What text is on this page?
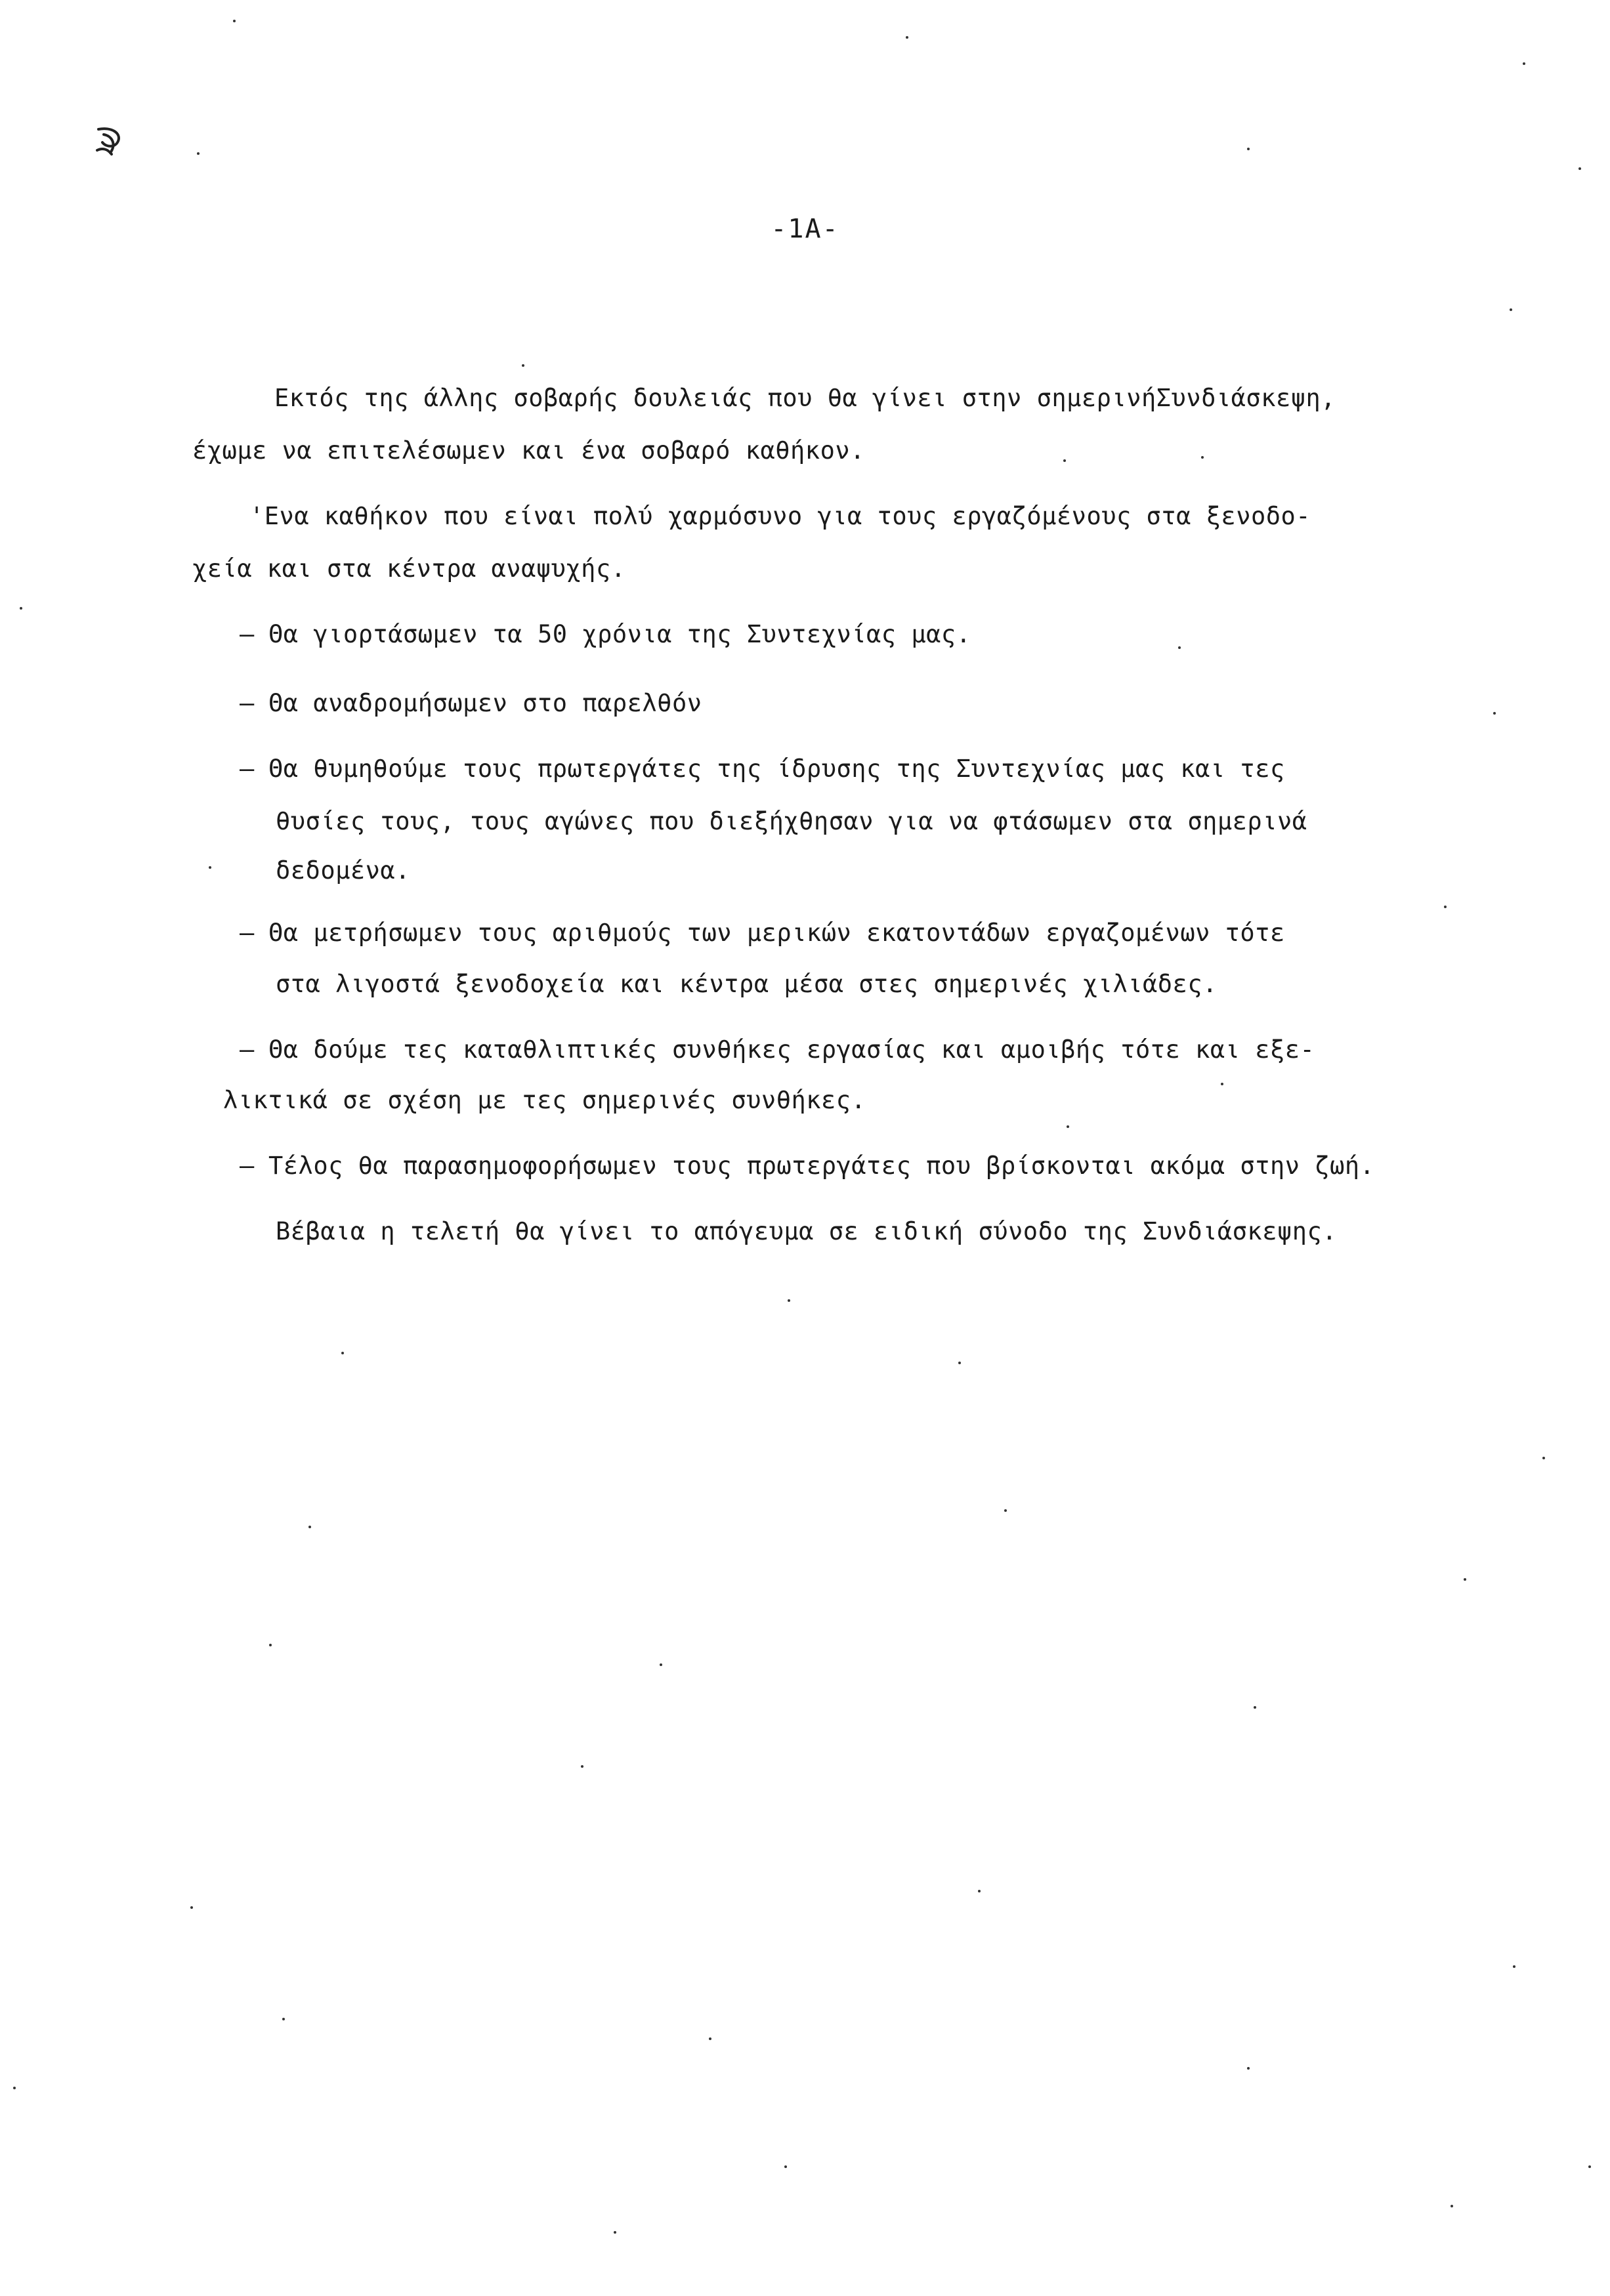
-1A-
Εκτός της άλλης σοβαρής δουλειάς που θα γίνει στην σημερινήΣυνδιάσκεψη,
έχωμε να επιτελέσωμεν και ένα σοβαρό καθήκον.
'Ενα καθήκον που είναι πολύ χαρμόσυνο για τους εργαζόμένους στα ξενοδο-
χεία και στα κέντρα αναψυχής.
– Θα γιορτάσωμεν τα 50 χρόνια της Συντεχνίας μας.
– Θα αναδρομήσωμεν στο παρελθόν
– Θα θυμηθούμε τους πρωτεργάτες της ίδρυσης της Συντεχνίας μας και τες
θυσίες τους, τους αγώνες που διεξήχθησαν για να φτάσωμεν στα σημερινά
δεδομένα.
– Θα μετρήσωμεν τους αριθμούς των μερικών εκατοντάδων εργαζομένων τότε
στα λιγοστά ξενοδοχεία και κέντρα μέσα στες σημερινές χιλιάδες.
– Θα δούμε τες καταθλιπτικές συνθήκες εργασίας και αμοιβής τότε και εξε-
λικτικά σε σχέση με τες σημερινές συνθήκες.
– Τέλος θα παρασημοφορήσωμεν τους πρωτεργάτες που βρίσκονται ακόμα στην ζωή.
Βέβαια η τελετή θα γίνει το απόγευμα σε ειδική σύνοδο της Συνδιάσκεψης.
